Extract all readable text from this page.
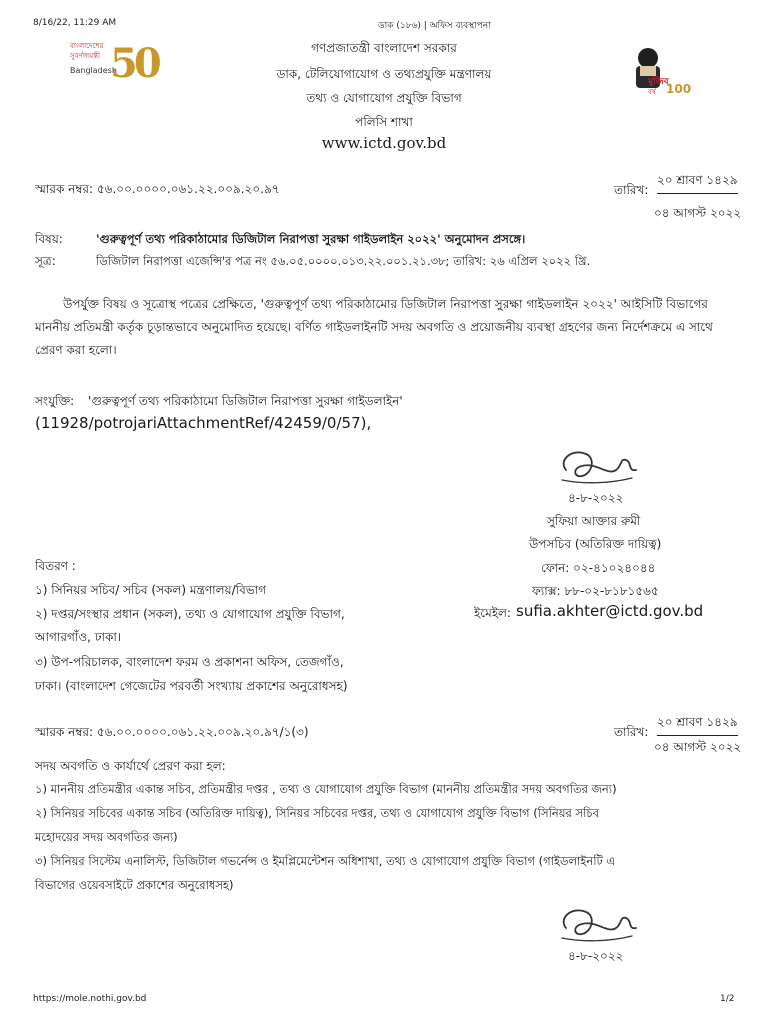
8/16/22, 11:29 AM	ডাক (১৮৬) | অফিস ব্যবস্থাপনা
বাংলাদেশের
সুবর্ণজয়ন্তী
Bangladesh
50	মুজিব
বর্ষ 100
গণপ্রজাতন্ত্রী বাংলাদেশ সরকার
ডাক, টেলিযোগাযোগ ও তথ্যপ্রযুক্তি মন্ত্রণালয়
তথ্য ও যোগাযোগ প্রযুক্তি বিভাগ
পলিসি শাখা
www.ictd.gov.bd
স্মারক নম্বর: ৫৬.০০.০০০০.০৬১.২২.০০৯.২০.৯৭	তারিখ:
২০ শ্রাবণ ১৪২৯
০৪ আগস্ট ২০২২
বিষয়:	'গুরুত্বপূর্ণ তথ্য পরিকাঠামোর ডিজিটাল নিরাপত্তা সুরক্ষা গাইডলাইন ২০২২' অনুমোদন প্রসঙ্গে।
সূত্র:	ডিজিটাল নিরাপত্তা এজেন্সি'র পত্র নং ৫৬.০৫.০০০০.০১৩.২২.০০১.২১.৩৮; তারিখ: ২৬ এপ্রিল ২০২২ খ্রি.
উপর্যুক্ত বিষয় ও সূত্রোস্থ পত্রের প্রেক্ষিতে, 'গুরুত্বপূর্ণ তথ্য পরিকাঠামোর ডিজিটাল নিরাপত্তা সুরক্ষা গাইডলাইন ২০২২' আইসিটি বিভাগের মাননীয় প্রতিমন্ত্রী কর্তৃক চূড়ান্তভাবে অনুমোদিত হয়েছে। বর্ণিত গাইডলাইনটি সদয় অবগতি ও প্রয়োজনীয় ব্যবস্থা গ্রহণের জন্য নির্দেশক্রমে এ সাথে প্রেরণ করা হলো।
সংযুক্তি: 'গুরুত্বপূর্ণ তথ্য পরিকাঠামো ডিজিটাল নিরাপত্তা সুরক্ষা গাইডলাইন'
(11928/potrojariAttachmentRef/42459/0/57),
৪-৮-২০২২
সুফিয়া আক্তার রুমী
উপসচিব (অতিরিক্ত দায়িত্ব)
ফোন: ০২-৪১০২৪০৪৪
ফ্যাক্স: ৮৮-০২-৮১৮১৫৬৫
ইমেইল: sufia.akhter@ictd.gov.bd
বিতরণ :
১) সিনিয়র সচিব/ সচিব (সকল) মন্ত্রণালয়/বিভাগ
২) দপ্তর/সংস্থার প্রধান (সকল), তথ্য ও যোগাযোগ প্রযুক্তি বিভাগ,
আগারগাঁও, ঢাকা।
৩) উপ-পরিচালক, বাংলাদেশ ফরম ও প্রকাশনা অফিস, তেজগাঁও,
ঢাকা। (বাংলাদেশ গেজেটের পরবর্তী সংখ্যায় প্রকাশের অনুরোধসহ)
স্মারক নম্বর: ৫৬.০০.০০০০.০৬১.২২.০০৯.২০.৯৭/১(৩)	তারিখ:
২০ শ্রাবণ ১৪২৯
০৪ আগস্ট ২০২২
সদয় অবগতি ও কার্যার্থে প্রেরণ করা হল:
১) মাননীয় প্রতিমন্ত্রীর একান্ত সচিব, প্রতিমন্ত্রীর দপ্তর , তথ্য ও যোগাযোগ প্রযুক্তি বিভাগ (মাননীয় প্রতিমন্ত্রীর সদয় অবগতির জন্য)
২) সিনিয়র সচিবের একান্ত সচিব (অতিরিক্ত দায়িত্ব), সিনিয়র সচিবের দপ্তর, তথ্য ও যোগাযোগ প্রযুক্তি বিভাগ (সিনিয়র সচিব
মহোদয়ের সদয় অবগতির জন্য)
৩) সিনিয়র সিস্টেম এনালিস্ট, ডিজিটাল গভর্নেন্স ও ইমপ্লিমেন্টেশন অধিশাখা, তথ্য ও যোগাযোগ প্রযুক্তি বিভাগ (গাইডলাইনটি এ
বিভাগের ওয়েবসাইটে প্রকাশের অনুরোধসহ)
৪-৮-২০২২
https://mole.nothi.gov.bd	1/2
